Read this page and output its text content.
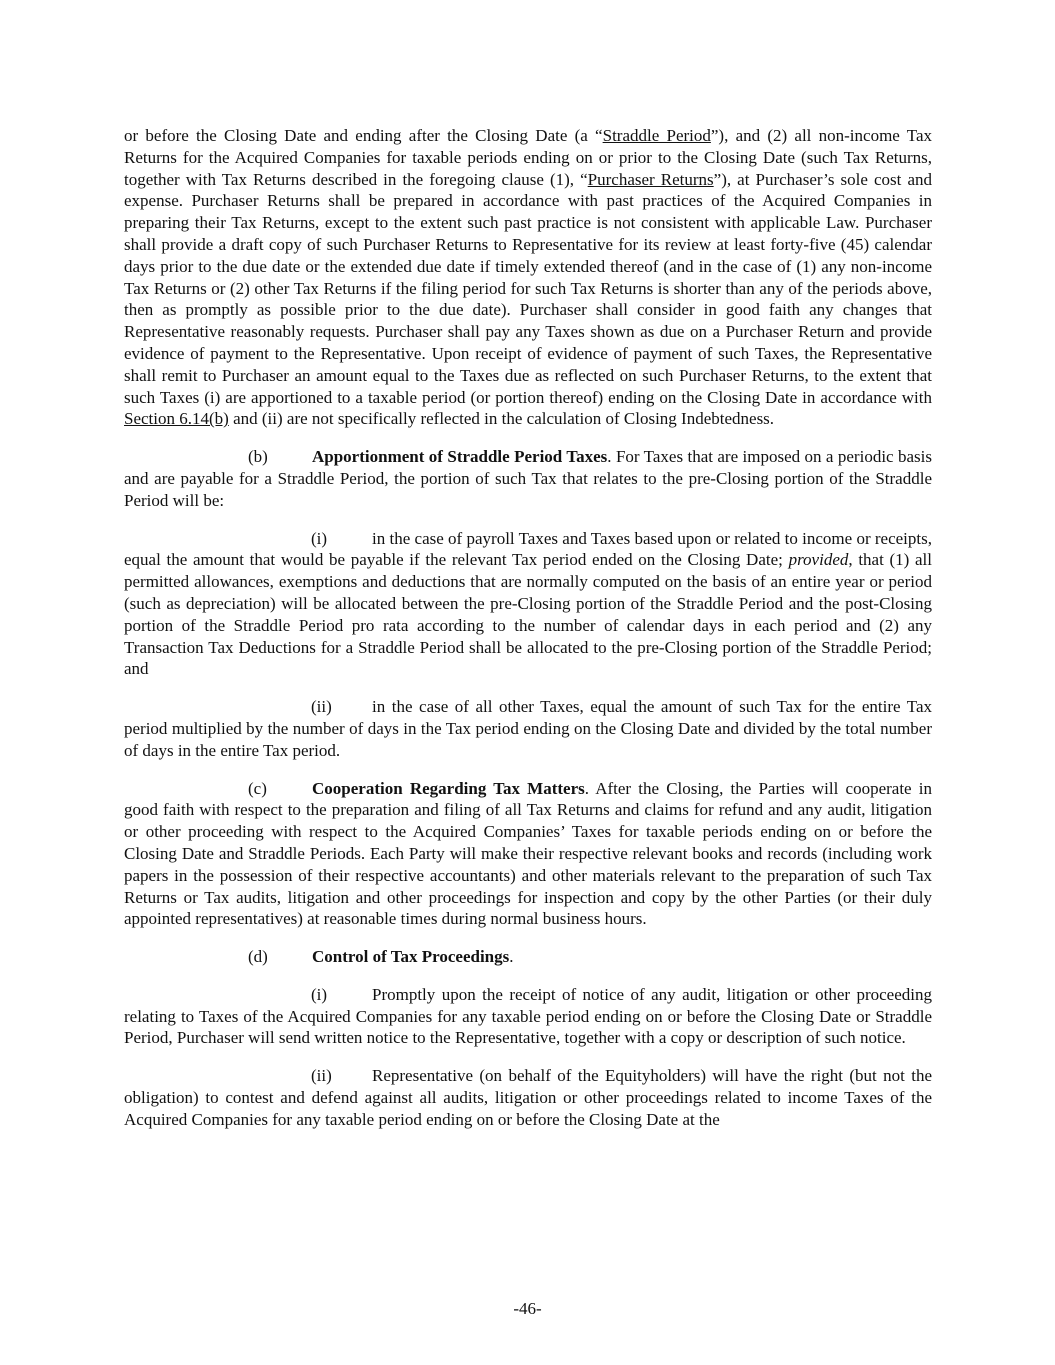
or before the Closing Date and ending after the Closing Date (a “Straddle Period”), and (2) all non-income Tax Returns for the Acquired Companies for taxable periods ending on or prior to the Closing Date (such Tax Returns, together with Tax Returns described in the foregoing clause (1), “Purchaser Returns”), at Purchaser’s sole cost and expense. Purchaser Returns shall be prepared in accordance with past practices of the Acquired Companies in preparing their Tax Returns, except to the extent such past practice is not consistent with applicable Law. Purchaser shall provide a draft copy of such Purchaser Returns to Representative for its review at least forty-five (45) calendar days prior to the due date or the extended due date if timely extended thereof (and in the case of (1) any non-income Tax Returns or (2) other Tax Returns if the filing period for such Tax Returns is shorter than any of the periods above, then as promptly as possible prior to the due date). Purchaser shall consider in good faith any changes that Representative reasonably requests. Purchaser shall pay any Taxes shown as due on a Purchaser Return and provide evidence of payment to the Representative. Upon receipt of evidence of payment of such Taxes, the Representative shall remit to Purchaser an amount equal to the Taxes due as reflected on such Purchaser Returns, to the extent that such Taxes (i) are apportioned to a taxable period (or portion thereof) ending on the Closing Date in accordance with Section 6.14(b) and (ii) are not specifically reflected in the calculation of Closing Indebtedness.

(b)	Apportionment of Straddle Period Taxes. For Taxes that are imposed on a periodic basis and are payable for a Straddle Period, the portion of such Tax that relates to the pre-Closing portion of the Straddle Period will be:

(i)	in the case of payroll Taxes and Taxes based upon or related to income or receipts, equal the amount that would be payable if the relevant Tax period ended on the Closing Date; provided, that (1) all permitted allowances, exemptions and deductions that are normally computed on the basis of an entire year or period (such as depreciation) will be allocated between the pre-Closing portion of the Straddle Period and the post-Closing portion of the Straddle Period pro rata according to the number of calendar days in each period and (2) any Transaction Tax Deductions for a Straddle Period shall be allocated to the pre-Closing portion of the Straddle Period; and

(ii) in the case of all other Taxes, equal the amount of such Tax for the entire Tax period multiplied by the number of days in the Tax period ending on the Closing Date and divided by the total number of days in the entire Tax period.

(c)	Cooperation Regarding Tax Matters. After the Closing, the Parties will cooperate in good faith with respect to the preparation and filing of all Tax Returns and claims for refund and any audit, litigation or other proceeding with respect to the Acquired Companies’ Taxes for taxable periods ending on or before the Closing Date and Straddle Periods. Each Party will make their respective relevant books and records (including work papers in the possession of their respective accountants) and other materials relevant to the preparation of such Tax Returns or Tax audits, litigation and other proceedings for inspection and copy by the other Parties (or their duly appointed representatives) at reasonable times during normal business hours.

(d)	Control of Tax Proceedings.

(i)	Promptly upon the receipt of notice of any audit, litigation or other proceeding relating to Taxes of the Acquired Companies for any taxable period ending on or before the Closing Date or Straddle Period, Purchaser will send written notice to the Representative, together with a copy or description of such notice.

(ii) Representative (on behalf of the Equityholders) will have the right (but not the obligation) to contest and defend against all audits, litigation or other proceedings related to income Taxes of the Acquired Companies for any taxable period ending on or before the Closing Date at the

-46-
